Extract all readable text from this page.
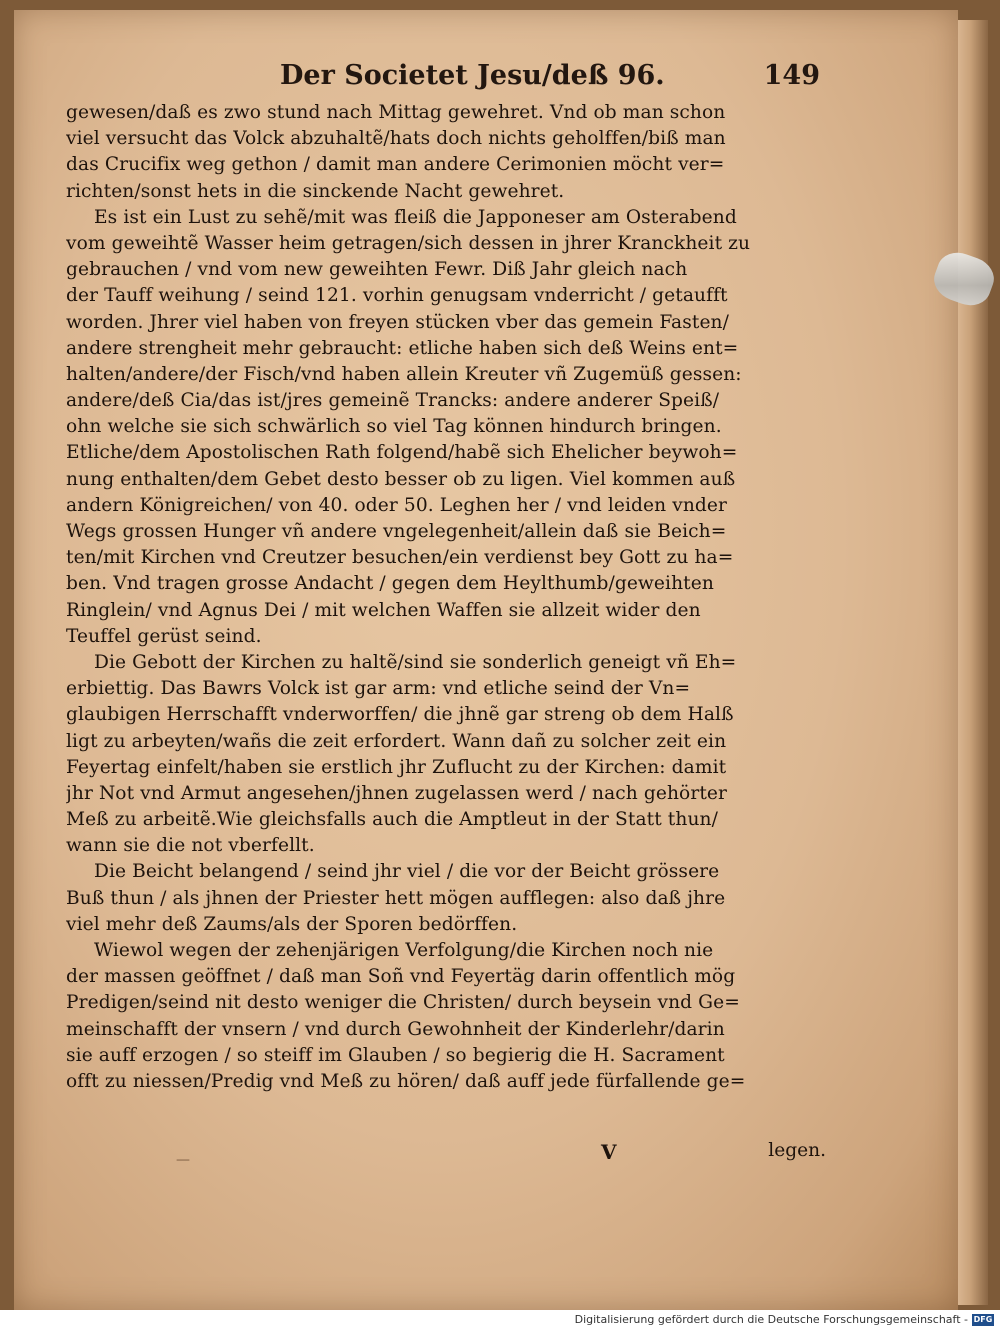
Der Societet Jesu/deß 96.	149
gewesen/daß es zwo stund nach Mittag gewehret. Vnd ob man schon
viel versucht das Volck abzuhaltẽ/hats doch nichts geholffen/biß man
das Crucifix weg gethon / damit man andere Cerimonien möcht ver=
richten/sonst hets in die sinckende Nacht gewehret.
Es ist ein Lust zu sehẽ/mit was fleiß die Japponeser am Osterabend
vom geweihtẽ Wasser heim getragen/sich dessen in jhrer Kranckheit zu
gebrauchen / vnd vom new geweihten Fewr. Diß Jahr gleich nach
der Tauff weihung / seind 121. vorhin genugsam vnderricht / getaufft
worden. Jhrer viel haben von freyen stücken vber das gemein Fasten/
andere strengheit mehr gebraucht: etliche haben sich deß Weins ent=
halten/andere/der Fisch/vnd haben allein Kreuter vñ Zugemüß gessen:
andere/deß Cia/das ist/jres gemeinẽ Trancks: andere anderer Speiß/
ohn welche sie sich schwärlich so viel Tag können hindurch bringen.
Etliche/dem Apostolischen Rath folgend/habẽ sich Ehelicher beywoh=
nung enthalten/dem Gebet desto besser ob zu ligen. Viel kommen auß
andern Königreichen/ von 40. oder 50. Leghen her / vnd leiden vnder
Wegs grossen Hunger vñ andere vngelegenheit/allein daß sie Beich=
ten/mit Kirchen vnd Creutzer besuchen/ein verdienst bey Gott zu ha=
ben. Vnd tragen grosse Andacht / gegen dem Heylthumb/geweihten
Ringlein/ vnd Agnus Dei / mit welchen Waffen sie allzeit wider den
Teuffel gerüst seind.
Die Gebott der Kirchen zu haltẽ/sind sie sonderlich geneigt vñ Eh=
erbiettig. Das Bawrs Volck ist gar arm: vnd etliche seind der Vn=
glaubigen Herrschafft vnderworffen/ die jhnẽ gar streng ob dem Halß
ligt zu arbeyten/wañs die zeit erfordert. Wann dañ zu solcher zeit ein
Feyertag einfelt/haben sie erstlich jhr Zuflucht zu der Kirchen: damit
jhr Not vnd Armut angesehen/jhnen zugelassen werd / nach gehörter
Meß zu arbeitẽ.Wie gleichsfalls auch die Amptleut in der Statt thun/
wann sie die not vberfellt.
Die Beicht belangend / seind jhr viel / die vor der Beicht grössere
Buß thun / als jhnen der Priester hett mögen aufflegen: also daß jhre
viel mehr deß Zaums/als der Sporen bedörffen.
Wiewol wegen der zehenjärigen Verfolgung/die Kirchen noch nie
der massen geöffnet / daß man Soñ vnd Feyertäg darin offentlich mög
Predigen/seind nit desto weniger die Christen/ durch beysein vnd Ge=
meinschafft der vnsern / vnd durch Gewohnheit der Kinderlehr/darin
sie auff erzogen / so steiff im Glauben / so begierig die H. Sacrament
offt zu niessen/Predig vnd Meß zu hören/ daß auff jede fürfallende ge=
—	V	legen.
Digitalisierung gefördert durch die Deutsche Forschungsgemeinschaft - DFG
